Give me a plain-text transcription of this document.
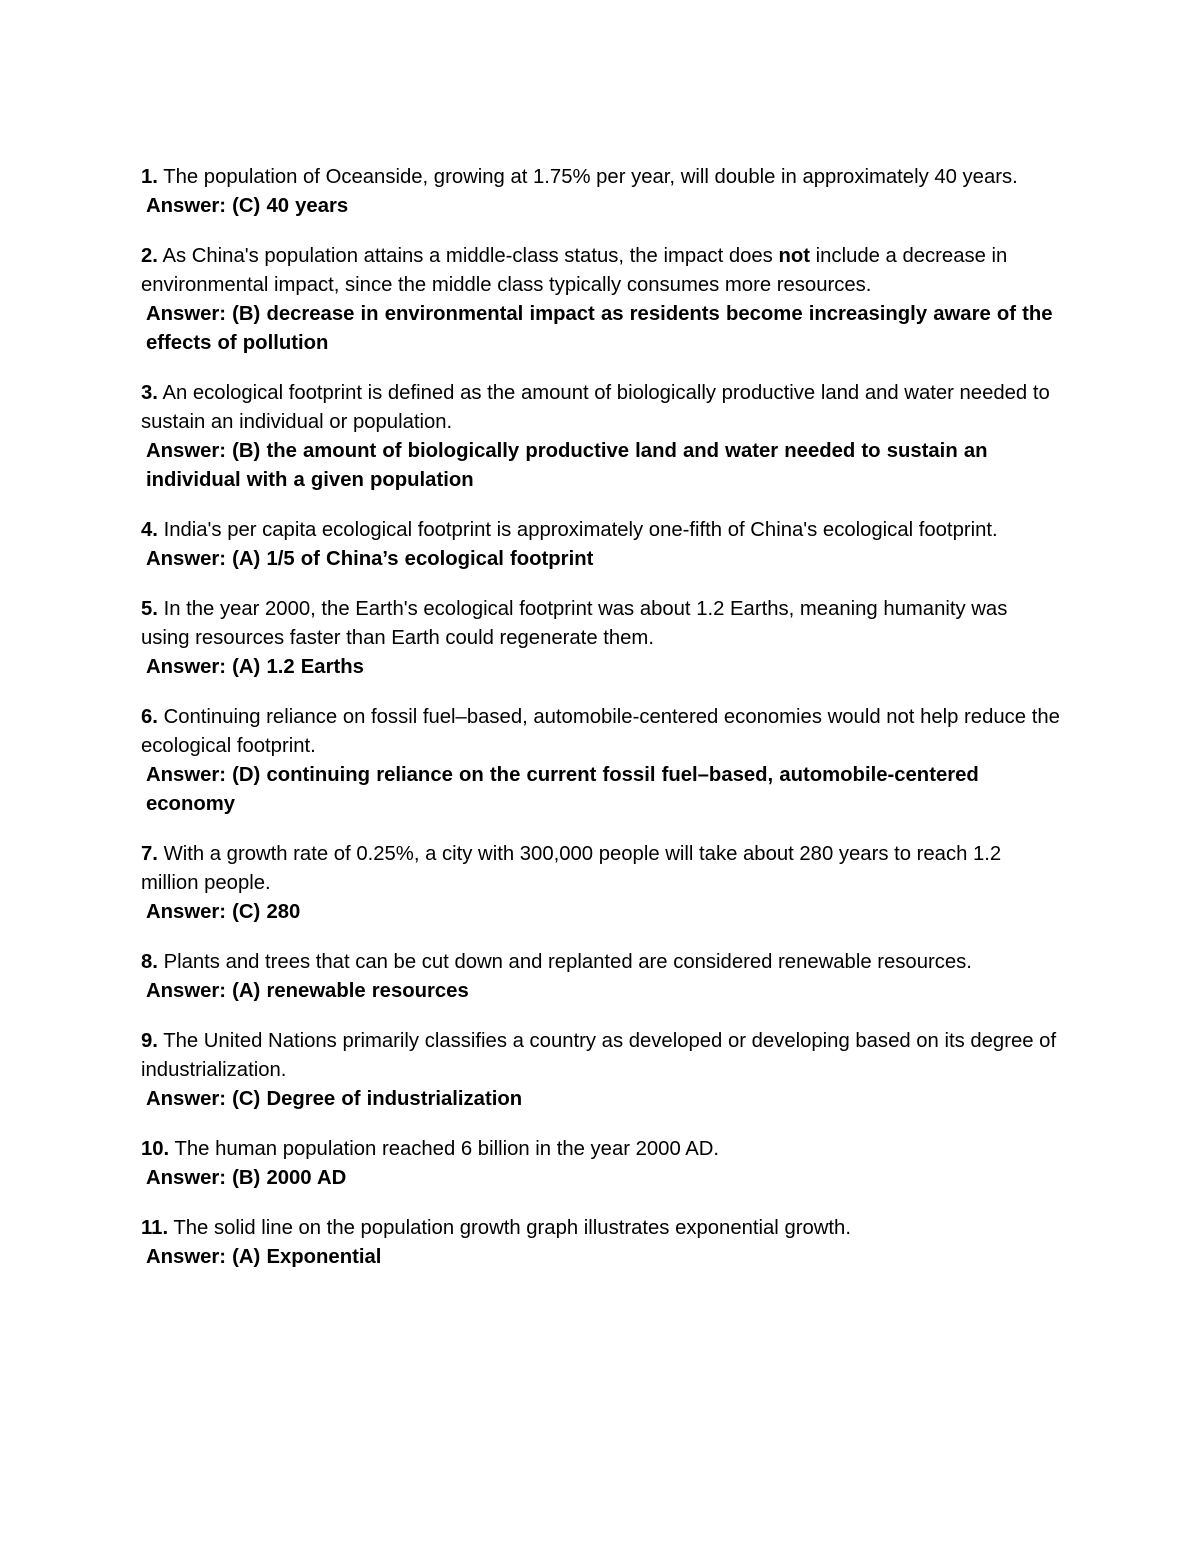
1. The population of Oceanside, growing at 1.75% per year, will double in approximately 40 years.

Answer: (C) 40 years

2. As China's population attains a middle-class status, the impact does not include a decrease in environmental impact, since the middle class typically consumes more resources.

Answer: (B) decrease in environmental impact as residents become increasingly aware of the effects of pollution

3. An ecological footprint is defined as the amount of biologically productive land and water needed to sustain an individual or population.

Answer: (B) the amount of biologically productive land and water needed to sustain an individual with a given population

4. India's per capita ecological footprint is approximately one-fifth of China's ecological footprint.

Answer: (A) 1/5 of China’s ecological footprint

5. In the year 2000, the Earth's ecological footprint was about 1.2 Earths, meaning humanity was using resources faster than Earth could regenerate them.

Answer: (A) 1.2 Earths

6. Continuing reliance on fossil fuel–based, automobile-centered economies would not help reduce the ecological footprint.

Answer: (D) continuing reliance on the current fossil fuel–based, automobile-centered economy

7. With a growth rate of 0.25%, a city with 300,000 people will take about 280 years to reach 1.2 million people.

Answer: (C) 280

8. Plants and trees that can be cut down and replanted are considered renewable resources.

Answer: (A) renewable resources

9. The United Nations primarily classifies a country as developed or developing based on its degree of industrialization.

Answer: (C) Degree of industrialization

10. The human population reached 6 billion in the year 2000 AD.

Answer: (B) 2000 AD

11. The solid line on the population growth graph illustrates exponential growth.

Answer: (A) Exponential
